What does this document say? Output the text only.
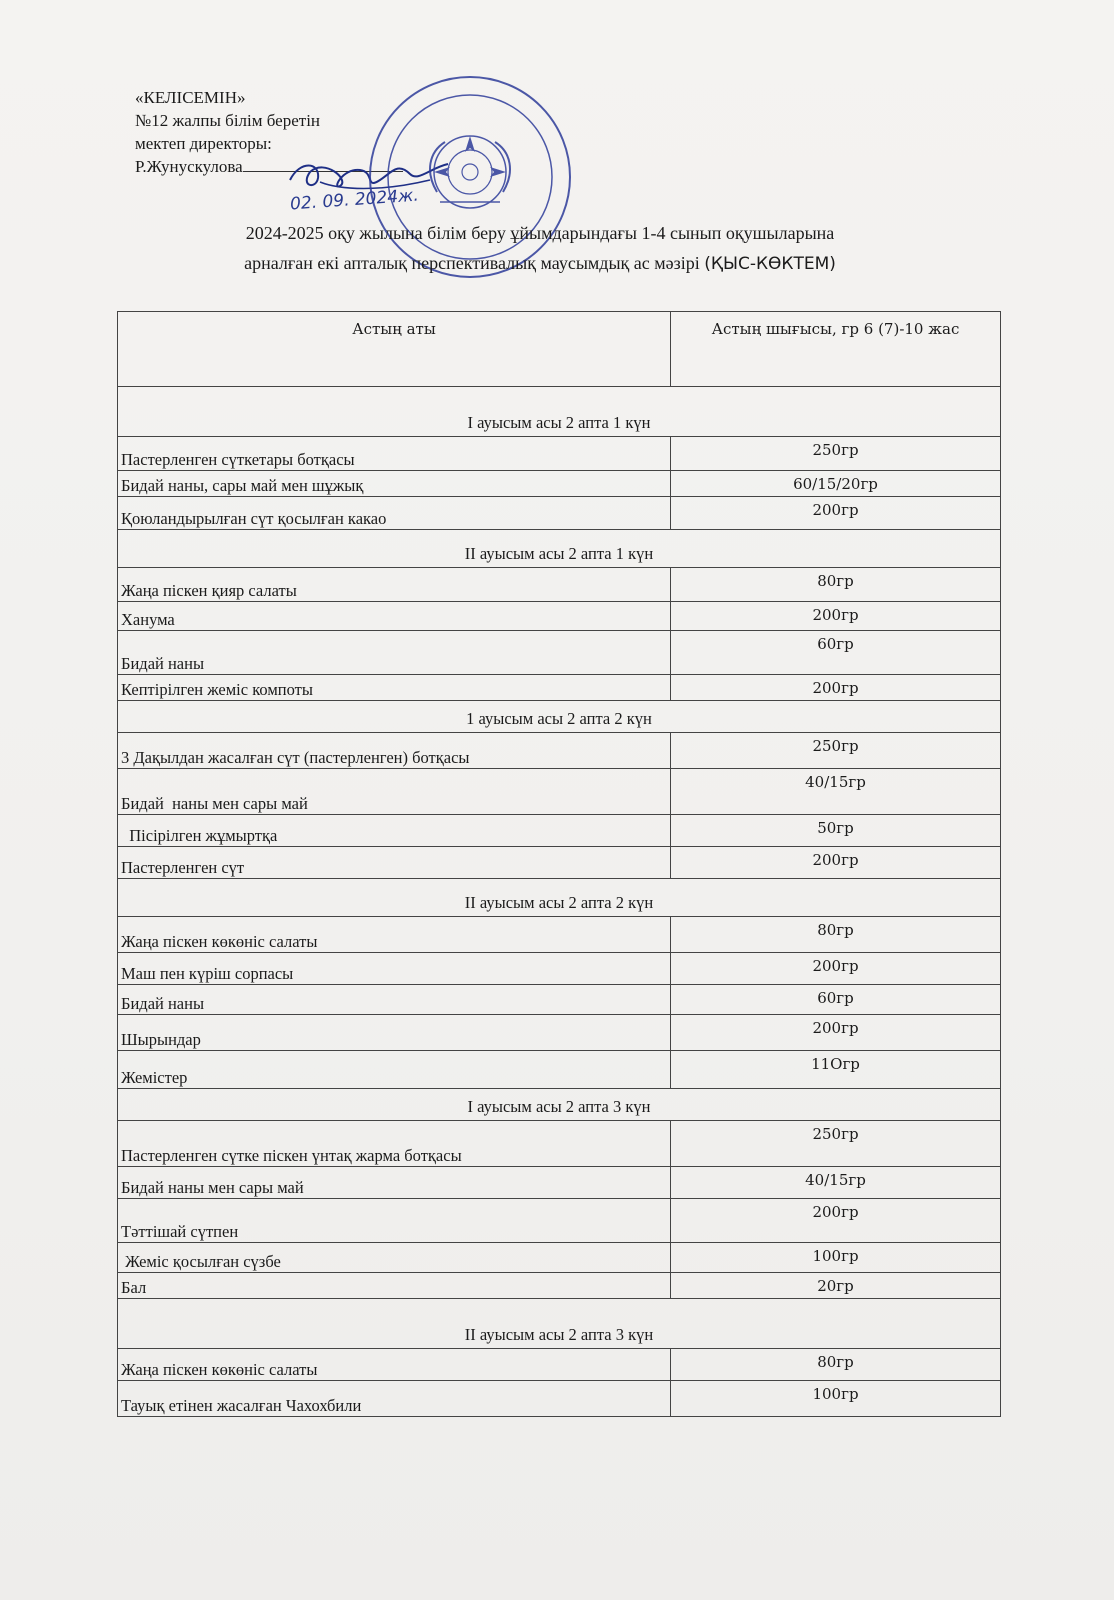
«КЕЛІСЕМІН»
№12 жалпы білім беретін
мектеп директоры:
Р.Жунускулова
02. 09. 2024ж.
2024-2025 оқу жылына білім беру ұйымдарындағы 1-4 сынып оқушыларына
арналған екі апталық перспективалық маусымдық ас мәзірі (ҚЫС-КӨКТЕМ)
Астың аты	Астың шығысы, гр 6 (7)-10 жас
I ауысым асы 2 апта 1 күн	
Пастерленген сүткетары ботқасы	250гр
Бидай наны, сары май мен шұжық	60/15/20гр
Қоюландырылған сүт қосылған какао	200гр
II ауысым асы 2 апта 1 күн	
Жаңа піскен қияр салаты	80гр
Ханума	200гр
Бидай наны	60гр
Кептірілген жеміс компоты	200гр
1 ауысым асы 2 апта 2 күн	
3 Дақылдан жасалған сүт (пастерленген) ботқасы	250гр
Бидай  наны мен сары май	40/15гр
Пісірілген жұмыртқа	50гр
Пастерленген сүт	200гр
II ауысым асы 2 апта 2 күн	
Жаңа піскен көкөніс салаты	80гр
Маш пен күріш сорпасы	200гр
Бидай наны	60гр
Шырындар	200гр
Жемістер	11Огр
I ауысым асы 2 апта 3 күн	
Пастерленген сүтке піскен үнтақ жарма ботқасы	250гр
Бидай наны мен сары май	40/15гр
Тәттішай сүтпен	200гр
Жеміс қосылған сүзбе	100гр
Бал	20гр
II ауысым асы 2 апта 3 күн	
Жаңа піскен көкөніс салаты	80гр
Тауық етінен жасалған Чахохбили	100гр
